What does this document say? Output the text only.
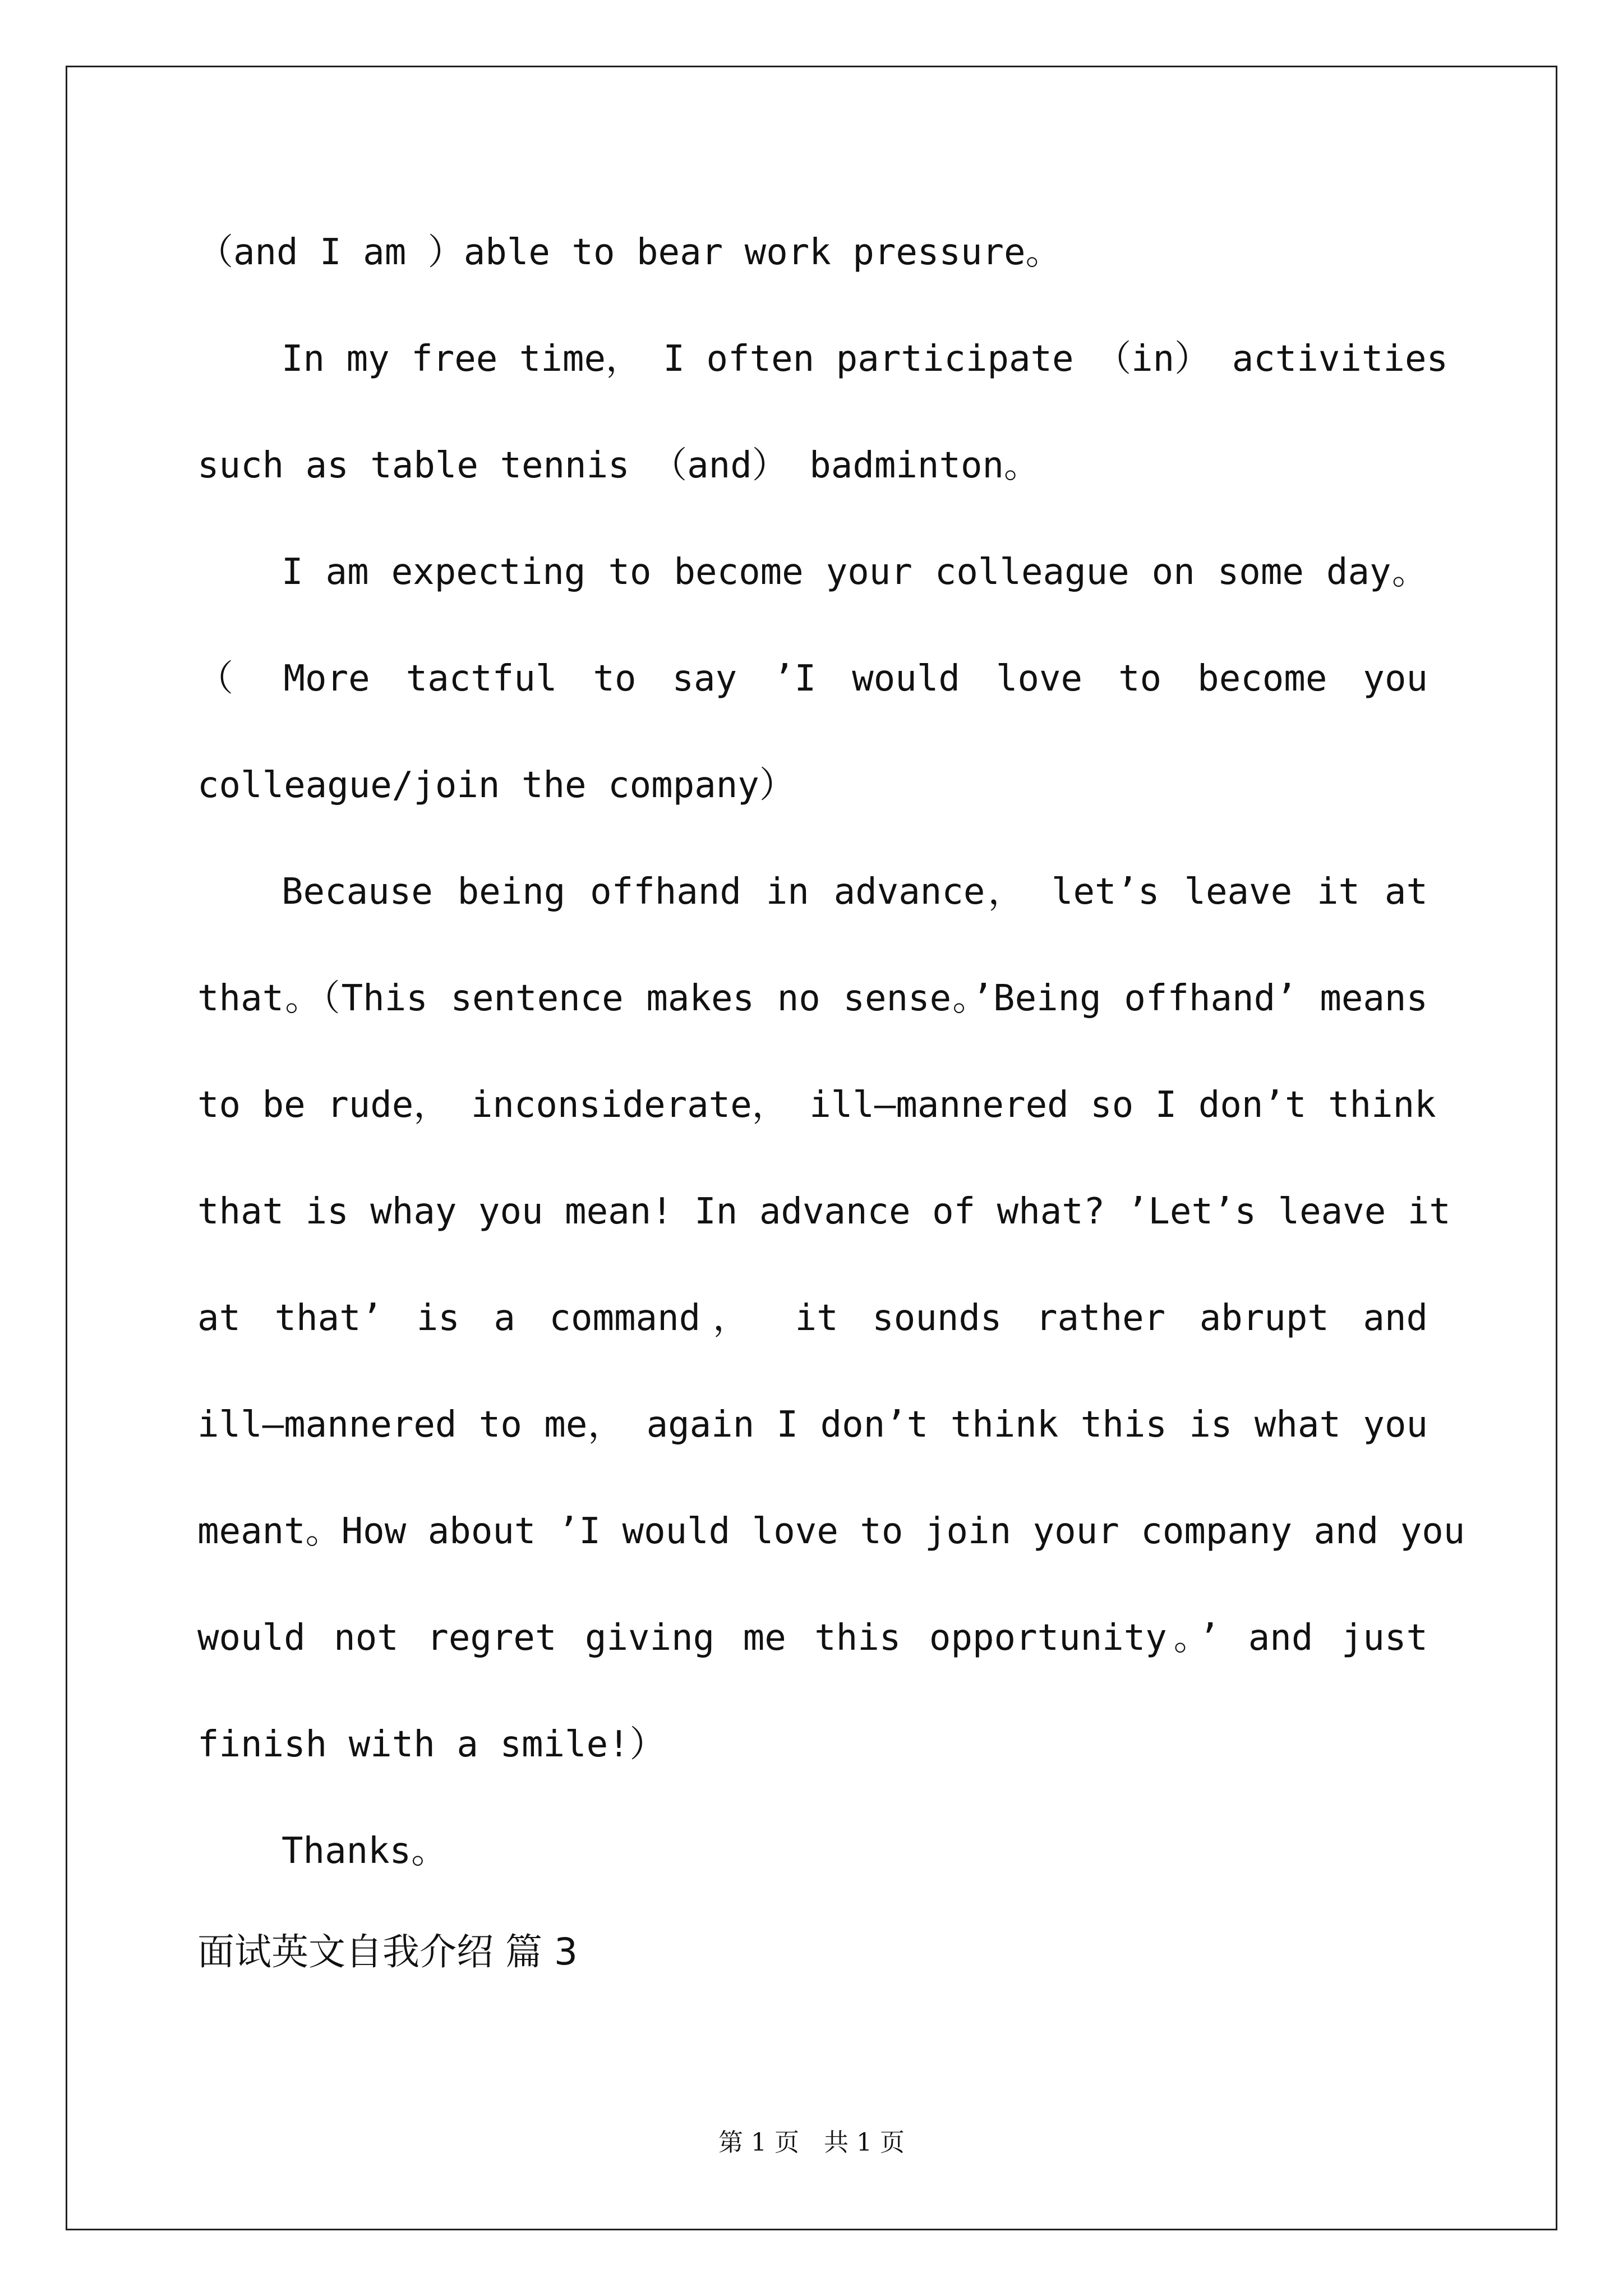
（and I am ）able to bear work pressure。
In my free time， I often participate （in） activities
such as table tennis （and） badminton。
I am expecting to become your colleague on some day。
（ More tactful to say ’I would love to become you
colleague/join the company）
Because being offhand in advance， let’s leave it at
that。（This sentence makes no sense。’Being offhand’ means
to be rude， inconsiderate， ill—mannered so I don’t think
that is whay you mean! In advance of what? ’Let’s leave it
at that’ is a command， it sounds rather abrupt and
ill—mannered to me， again I don’t think this is what you
meant。How about ’I would love to join your company and you
would not regret giving me this opportunity。’ and just
finish with a smile!）
Thanks。
面试英文自我介绍 篇 3
第 1 页　共 1 页
